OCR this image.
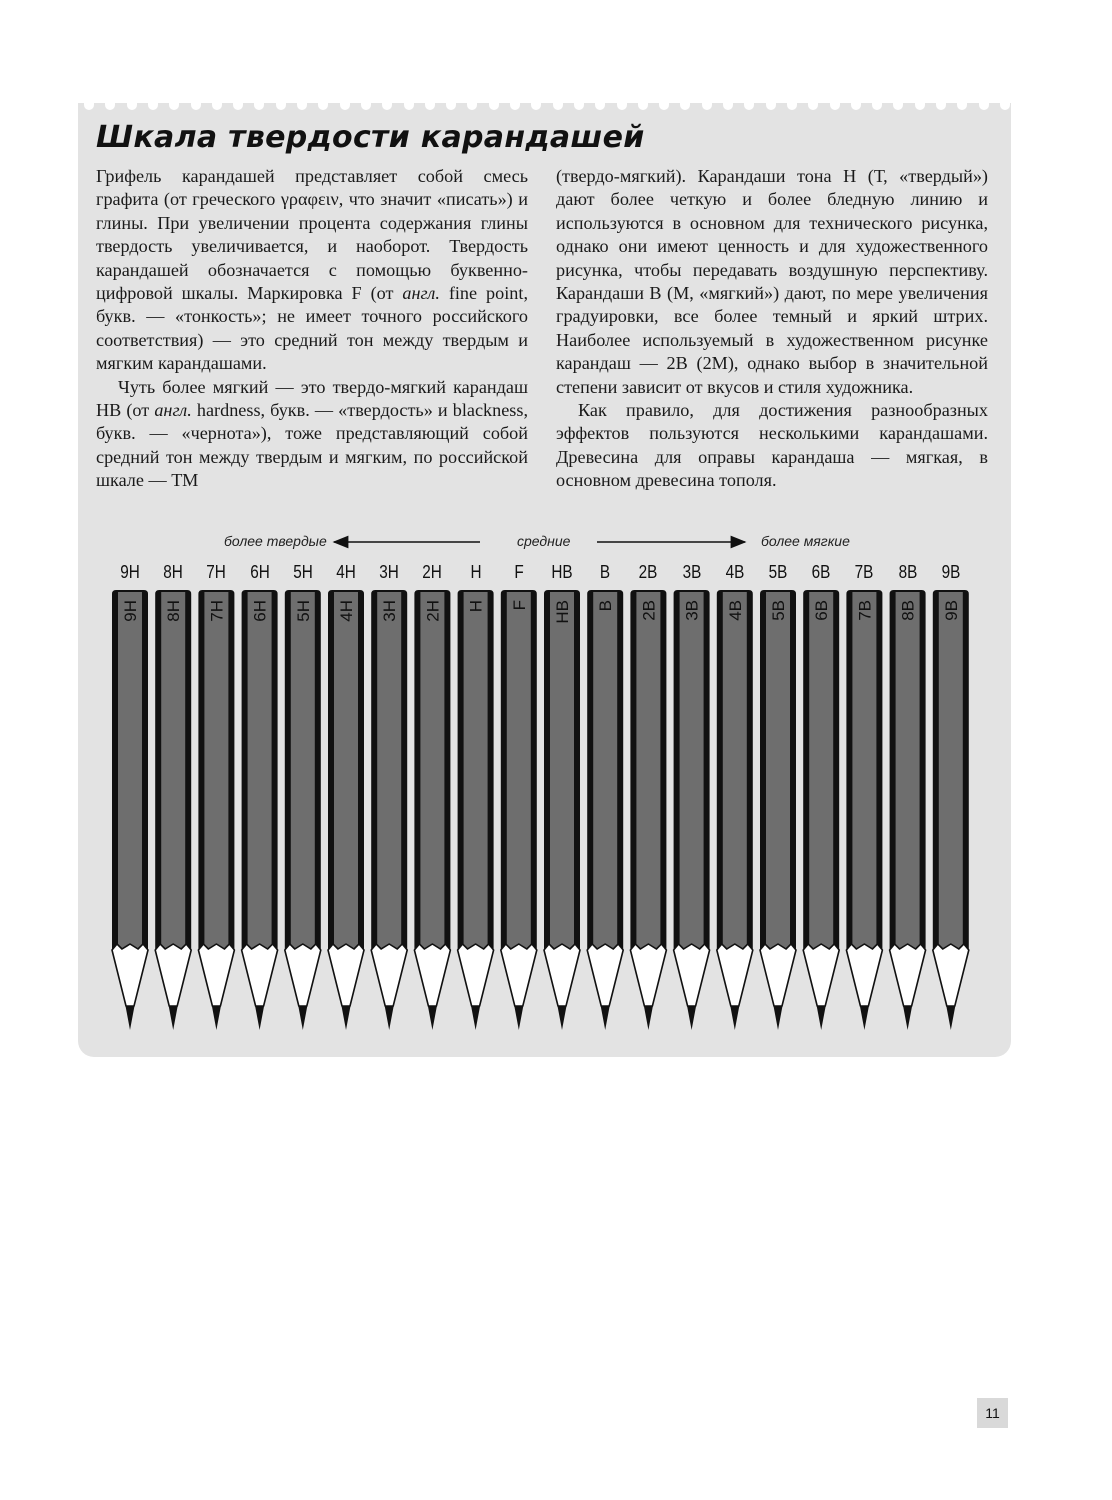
Шкала твердости карандашей

Грифель карандашей представляет собой смесь графита (от греческого γραφειν, что значит «писать») и глины. При увеличении процента содержания глины твердость увеличивается, и наоборот. Твердость карандашей обозначается с помощью буквенно-цифровой шкалы. Маркировка F (от англ. fine point, букв. — «тонкость»; не имеет точного российского соответствия) — это средний тон между твердым и мягким карандашами.

Чуть более мягкий — это твердо-мягкий карандаш HB (от англ. hardness, букв. — «твердость» и blackness, букв. — «чернота»), тоже представляющий собой средний тон между твердым и мягким, по российской шкале — ТМ

(твердо-мягкий). Карандаши тона H (Т, «твердый») дают более четкую и более бледную линию и используются в основном для технического рисунка, однако они имеют ценность и для художественного рисунка, чтобы передавать воздушную перспективу. Карандаши B (М, «мягкий») дают, по мере увеличения градуировки, все более темный и яркий штрих. Наиболее используемый в художественном рисунке карандаш — 2B (2М), однако выбор в значительной степени зависит от вкусов и стиля художника.

Как правило, для достижения разнообразных эффектов пользуются несколькими карандашами. Древесина для оправы карандаша — мягкая, в основном древесина тополя.

более твердые	средние	более мягкие
9H	8H	7H	6H	5H	4H	3H	2H	H	F	HB	B	2B	3B	4B	5B	6B	7B	8B	9B
9H 8H 7H 6H 5H 4H 3H 2H H F HB B 2B 3B 4B 5B 6B 7B 8B 9B
11
